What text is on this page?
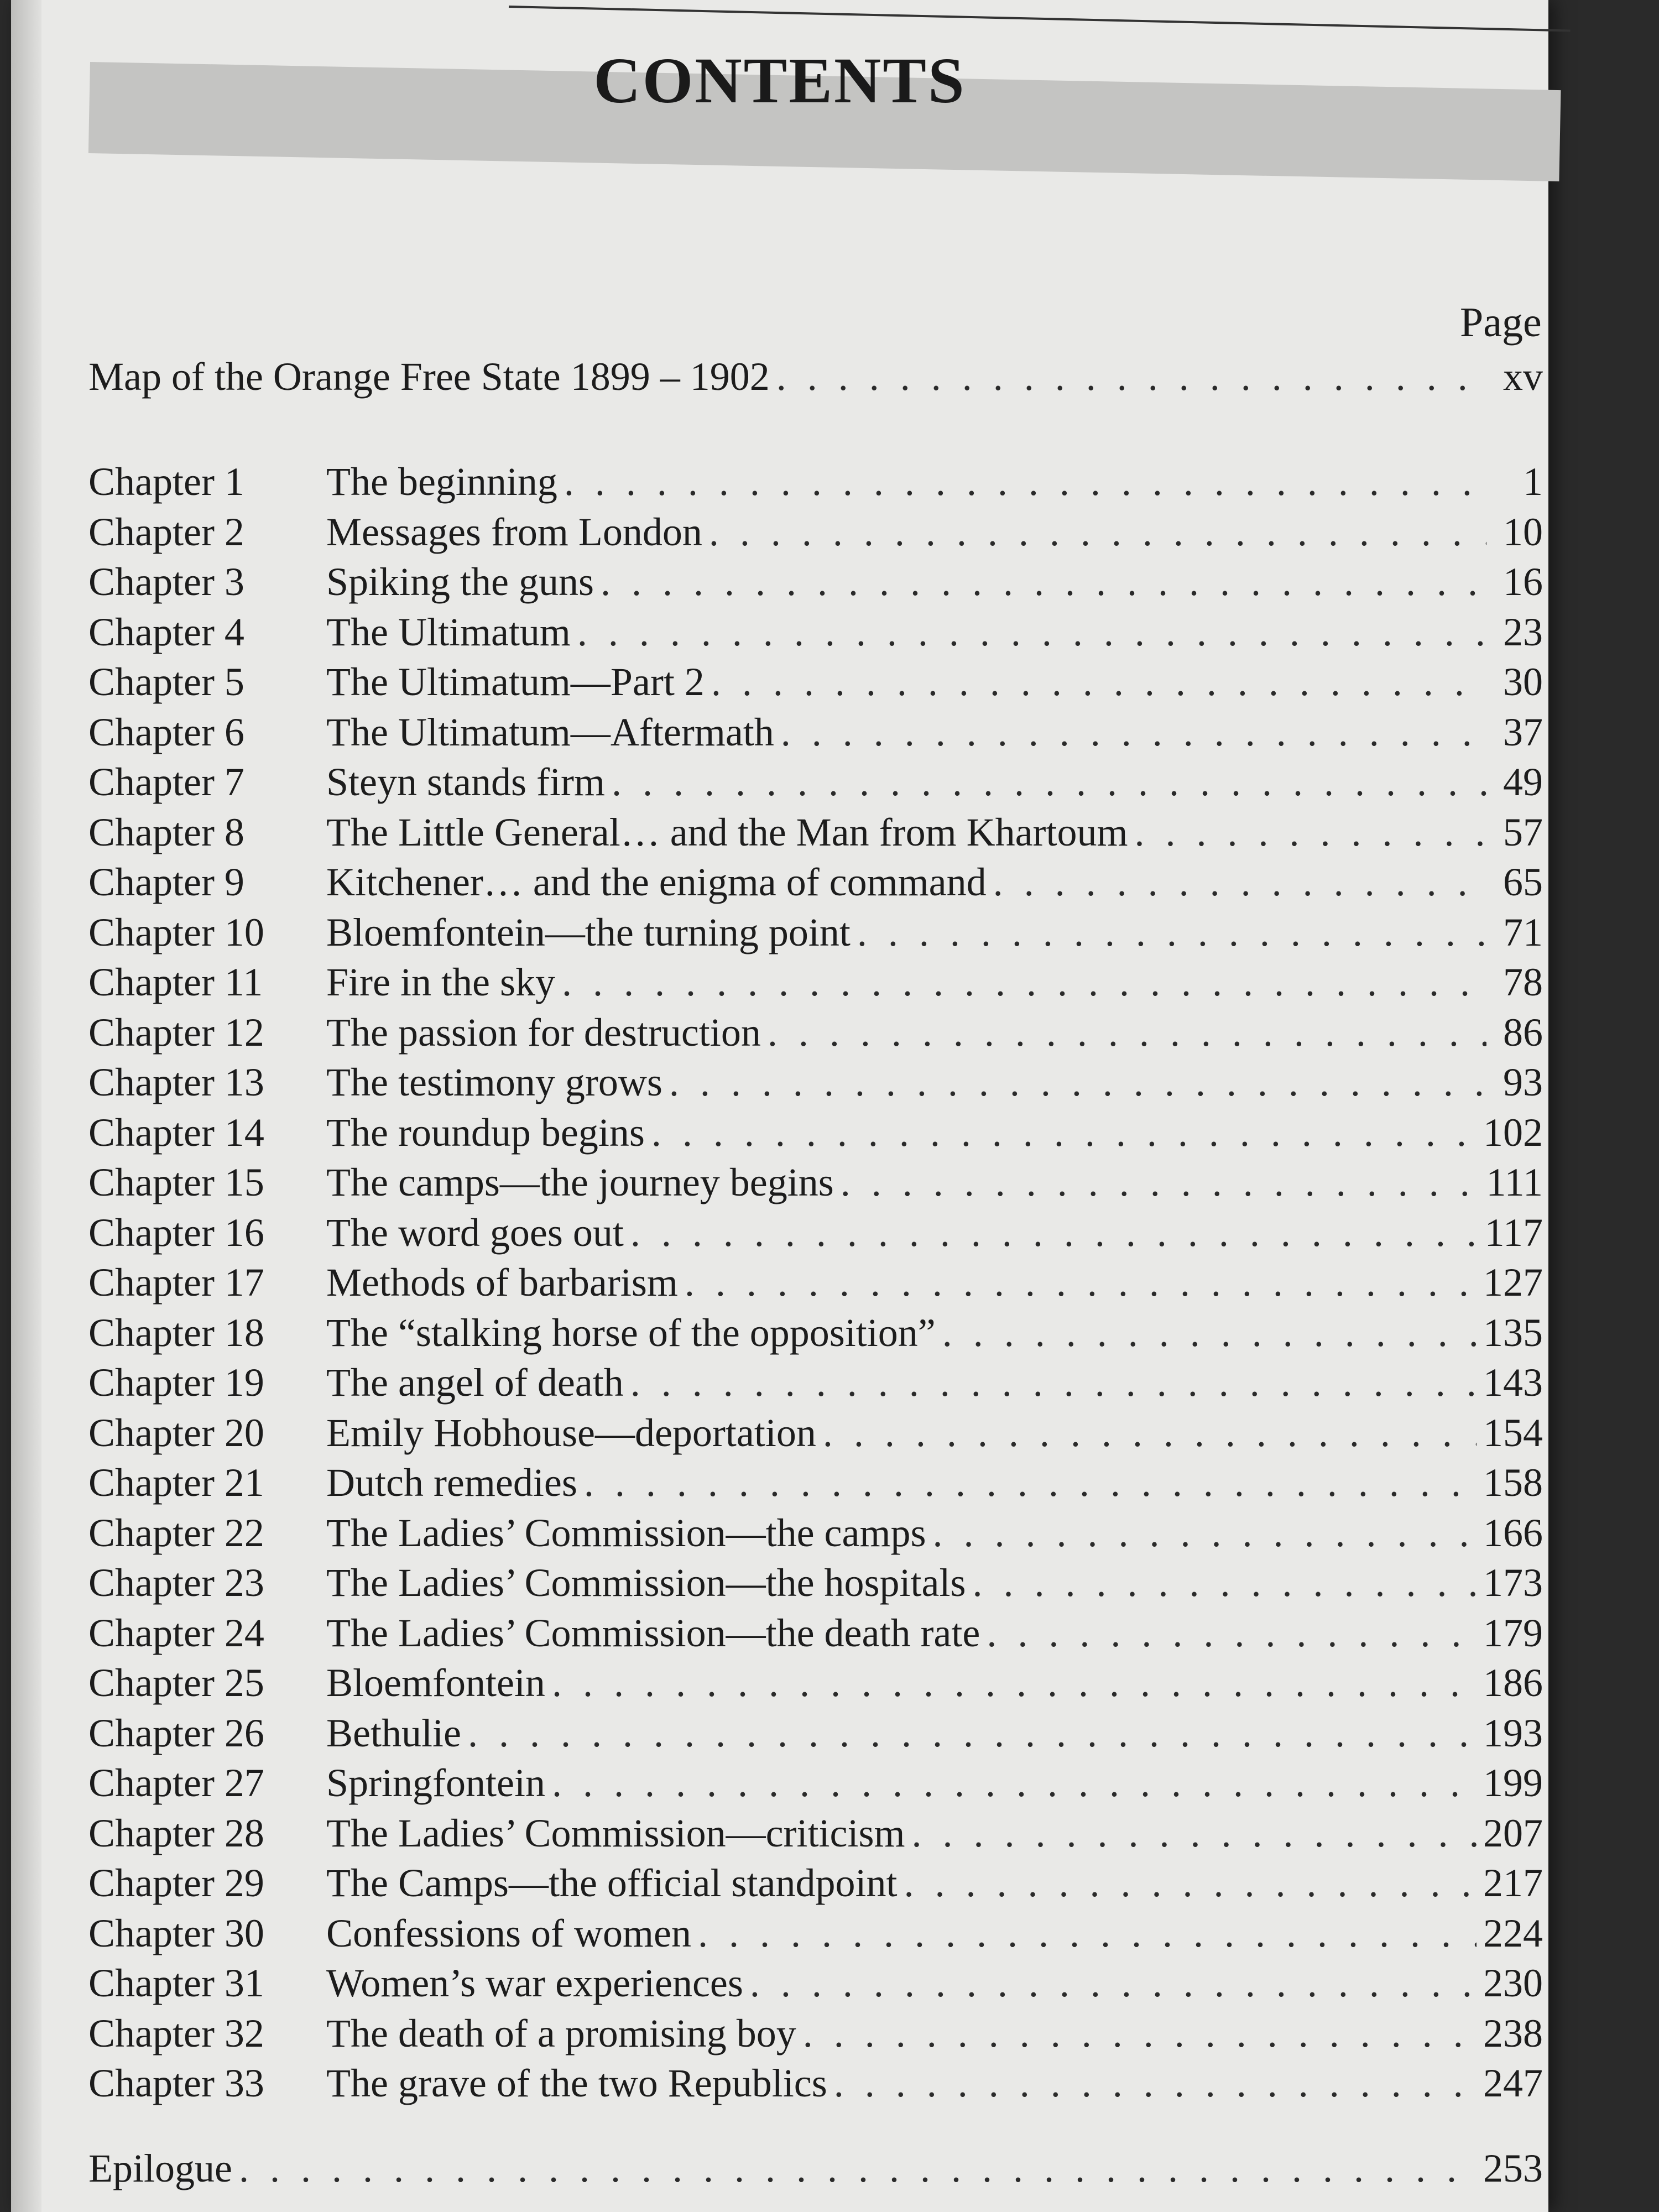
CONTENTS
Page
Map of the Orange Free State 1899 – 1902 . . .	xv
Chapter 1	The beginning . . .	1
Chapter 2	Messages from London . . .	10
Chapter 3	Spiking the guns . . .	16
Chapter 4	The Ultimatum . . .	23
Chapter 5	The Ultimatum—Part 2 . . .	30
Chapter 6	The Ultimatum—Aftermath . . .	37
Chapter 7	Steyn stands firm . . .	49
Chapter 8	The Little General… and the Man from Khartoum . . .	57
Chapter 9	Kitchener… and the enigma of command . . .	65
Chapter 10	Bloemfontein—the turning point . . .	71
Chapter 11	Fire in the sky . . .	78
Chapter 12	The passion for destruction . . .	86
Chapter 13	The testimony grows . . .	93
Chapter 14	The roundup begins . . .	102
Chapter 15	The camps—the journey begins . . .	111
Chapter 16	The word goes out . . .	117
Chapter 17	Methods of barbarism . . .	127
Chapter 18	The “stalking horse of the opposition” . . .	135
Chapter 19	The angel of death . . .	143
Chapter 20	Emily Hobhouse—deportation . . .	154
Chapter 21	Dutch remedies . . .	158
Chapter 22	The Ladies’ Commission—the camps . . .	166
Chapter 23	The Ladies’ Commission—the hospitals . . .	173
Chapter 24	The Ladies’ Commission—the death rate . . .	179
Chapter 25	Bloemfontein . . .	186
Chapter 26	Bethulie . . .	193
Chapter 27	Springfontein . . .	199
Chapter 28	The Ladies’ Commission—criticism . . .	207
Chapter 29	The Camps—the official standpoint . . .	217
Chapter 30	Confessions of women . . .	224
Chapter 31	Women’s war experiences . . .	230
Chapter 32	The death of a promising boy . . .	238
Chapter 33	The grave of the two Republics . . .	247
Epilogue . . .	253
